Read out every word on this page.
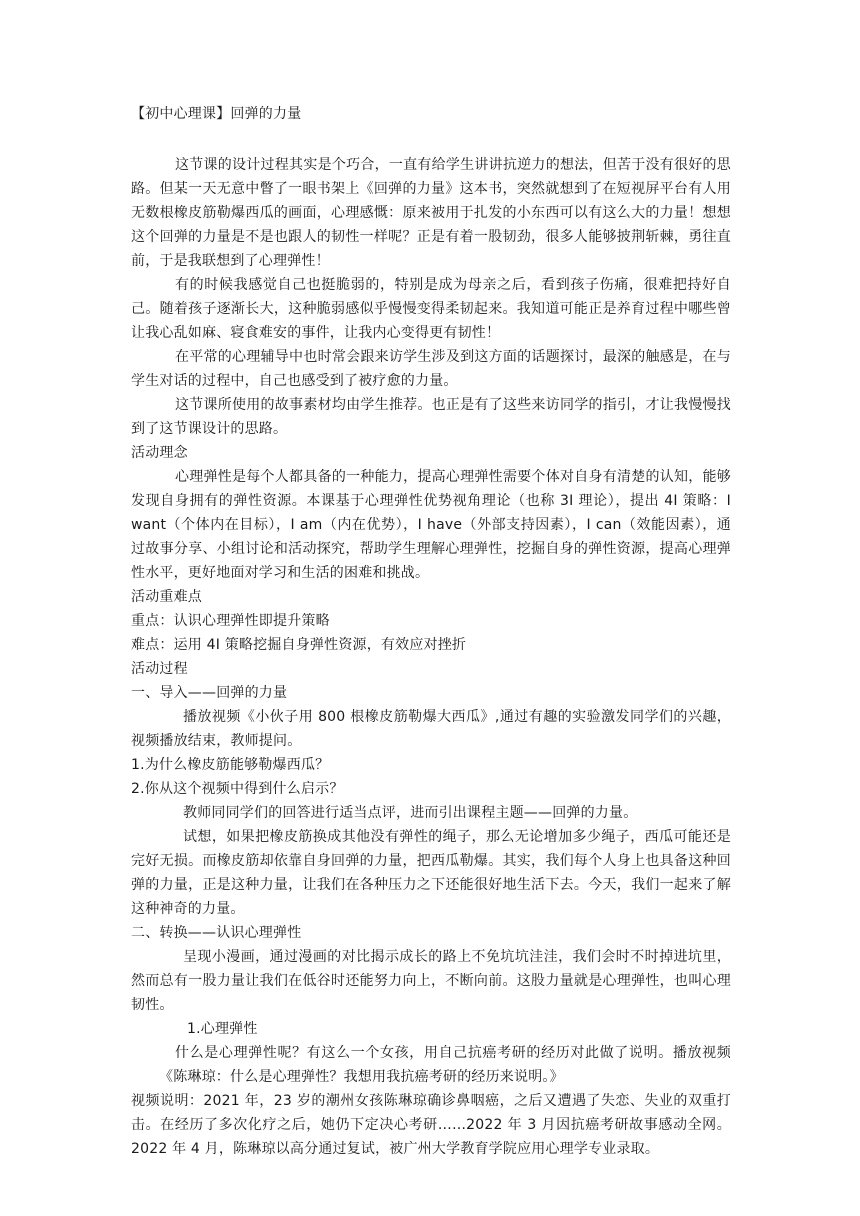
【初中心理课】回弹的力量

这节课的设计过程其实是个巧合，一直有给学生讲讲抗逆力的想法，但苦于没有很好的思路。但某一天无意中瞥了一眼书架上《回弹的力量》这本书，突然就想到了在短视屏平台有人用无数根橡皮筋勒爆西瓜的画面，心理感慨：原来被用于扎发的小东西可以有这么大的力量！想想这个回弹的力量是不是也跟人的韧性一样呢？正是有着一股韧劲，很多人能够披荆斩棘，勇往直前，于是我联想到了心理弹性！

有的时候我感觉自己也挺脆弱的，特别是成为母亲之后，看到孩子伤痛，很难把持好自己。随着孩子逐渐长大，这种脆弱感似乎慢慢变得柔韧起来。我知道可能正是养育过程中哪些曾让我心乱如麻、寝食难安的事件，让我内心变得更有韧性！

在平常的心理辅导中也时常会跟来访学生涉及到这方面的话题探讨，最深的触感是，在与学生对话的过程中，自己也感受到了被疗愈的力量。

这节课所使用的故事素材均由学生推荐。也正是有了这些来访同学的指引，才让我慢慢找到了这节课设计的思路。

活动理念

心理弹性是每个人都具备的一种能力，提高心理弹性需要个体对自身有清楚的认知，能够发现自身拥有的弹性资源。本课基于心理弹性优势视角理论（也称 3I 理论），提出 4I 策略：I want（个体内在目标），I am（内在优势），I have（外部支持因素），I can（效能因素），通过故事分享、小组讨论和活动探究，帮助学生理解心理弹性，挖掘自身的弹性资源，提高心理弹性水平，更好地面对学习和生活的困难和挑战。

活动重难点

重点：认识心理弹性即提升策略

难点：运用 4I 策略挖掘自身弹性资源，有效应对挫折

活动过程

一、导入——回弹的力量

播放视频《小伙子用 800 根橡皮筋勒爆大西瓜》,通过有趣的实验激发同学们的兴趣，视频播放结束，教师提问。

1.为什么橡皮筋能够勒爆西瓜？

2.你从这个视频中得到什么启示？

教师同同学们的回答进行适当点评，进而引出课程主题——回弹的力量。

试想，如果把橡皮筋换成其他没有弹性的绳子，那么无论增加多少绳子，西瓜可能还是完好无损。而橡皮筋却依靠自身回弹的力量，把西瓜勒爆。其实，我们每个人身上也具备这种回弹的力量，正是这种力量，让我们在各种压力之下还能很好地生活下去。今天，我们一起来了解这种神奇的力量。

二、转换——认识心理弹性

呈现小漫画，通过漫画的对比揭示成长的路上不免坑坑洼洼，我们会时不时掉进坑里，然而总有一股力量让我们在低谷时还能努力向上，不断向前。这股力量就是心理弹性，也叫心理韧性。

1.心理弹性

什么是心理弹性呢？有这么一个女孩，用自己抗癌考研的经历对此做了说明。播放视频《陈琳琼：什么是心理弹性？我想用我抗癌考研的经历来说明。》

视频说明：2021 年，23 岁的潮州女孩陈琳琼确诊鼻咽癌，之后又遭遇了失恋、失业的双重打击。在经历了多次化疗之后，她仍下定决心考研……2022 年 3 月因抗癌考研故事感动全网。2022 年 4 月，陈琳琼以高分通过复试，被广州大学教育学院应用心理学专业录取。
